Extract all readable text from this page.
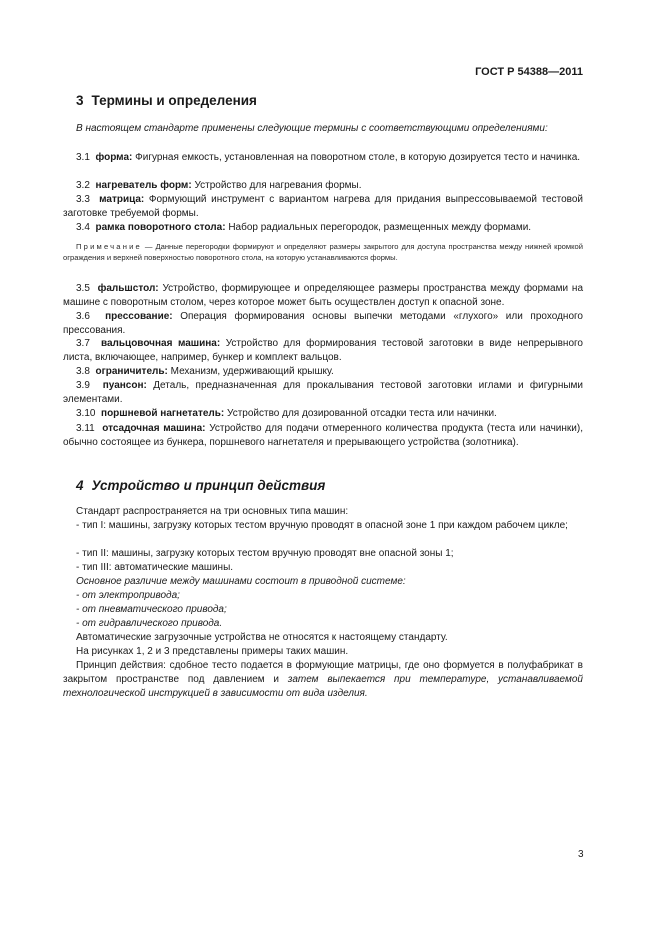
ГОСТ Р 54388—2011
3 Термины и определения

В настоящем стандарте применены следующие термины с соответствующими определениями:

3.1 форма: Фигурная емкость, установленная на поворотном столе, в которую дозируется тесто и начинка.

3.2 нагреватель форм: Устройство для нагревания формы.

3.3 матрица: Формующий инструмент с вариантом нагрева для придания выпрессовываемой тестовой заготовке требуемой формы.

3.4 рамка поворотного стола: Набор радиальных перегородок, размещенных между формами.

Примечание — Данные перегородки формируют и определяют размеры закрытого для доступа пространства между нижней кромкой ограждения и верхней поверхностью поворотного стола, на которую устанавливаются формы.

3.5 фальшстол: Устройство, формирующее и определяющее размеры пространства между формами на машине с поворотным столом, через которое может быть осуществлен доступ к опасной зоне.

3.6 прессование: Операция формирования основы выпечки методами «глухого» или проходного прессования.

3.7 вальцовочная машина: Устройство для формирования тестовой заготовки в виде непрерывного листа, включающее, например, бункер и комплект вальцов.

3.8 ограничитель: Механизм, удерживающий крышку.

3.9 пуансон: Деталь, предназначенная для прокалывания тестовой заготовки иглами и фигурными элементами.

3.10 поршневой нагнетатель: Устройство для дозированной отсадки теста или начинки.

3.11 отсадочная машина: Устройство для подачи отмеренного количества продукта (теста или начинки), обычно состоящее из бункера, поршневого нагнетателя и прерывающего устройства (золотника).

4 Устройство и принцип действия

Стандарт распространяется на три основных типа машин:

- тип I: машины, загрузку которых тестом вручную проводят в опасной зоне 1 при каждом рабочем цикле;

- тип II: машины, загрузку которых тестом вручную проводят вне опасной зоны 1;

- тип III: автоматические машины.

Основное различие между машинами состоит в приводной системе:

- от электропривода;

- от пневматического привода;

- от гидравлического привода.

Автоматические загрузочные устройства не относятся к настоящему стандарту.

На рисунках 1, 2 и 3 представлены примеры таких машин.

Принцип действия: сдобное тесто подается в формующие матрицы, где оно формуется в полуфабрикат в закрытом пространстве под давлением и затем выпекается при температуре, устанавливаемой технологической инструкцией в зависимости от вида изделия.

3
